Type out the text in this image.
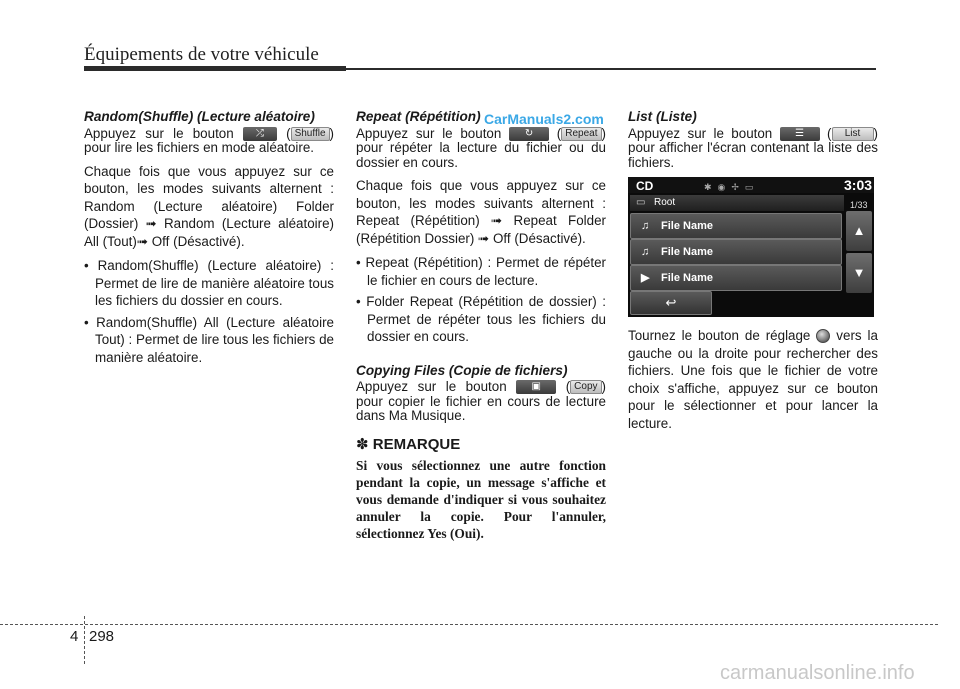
Équipements de votre véhicule
CarManuals2.com
Random(Shuffle) (Lecture aléatoire)
Appuyez sur le bouton ⤮ ( Shuffle ) pour lire les fichiers en mode aléatoire.
Chaque fois que vous appuyez sur ce bouton, les modes suivants alternent : Random (Lecture aléatoire) Folder (Dossier) ➟ Random (Lecture aléatoire) All (Tout)➟ Off (Désactivé).
• Random(Shuffle) (Lecture aléatoire) : Permet de lire de manière aléatoire tous les fichiers du dossier en cours.
• Random(Shuffle) All (Lecture aléatoire Tout) : Permet de lire tous les fichiers de manière aléatoire.
Repeat (Répétition)
Appuyez sur le bouton ↻ ( Repeat ) pour répéter la lecture du fichier ou du dossier en cours.
Chaque fois que vous appuyez sur ce bouton, les modes suivants alternent : Repeat (Répétition) ➟ Repeat Folder (Répétition Dossier) ➟ Off (Désactivé).
• Repeat (Répétition) : Permet de répéter le fichier en cours de lecture.
• Folder Repeat (Répétition de dossier) : Permet de répéter tous les fichiers du dossier en cours.
Copying Files (Copie de fichiers)
Appuyez sur le bouton ▣ ( Copy ) pour copier le fichier en cours de lecture dans Ma Musique.
✽ REMARQUE
Si vous sélectionnez une autre fonction pendant la copie, un message s'affiche et vous demande d'indiquer si vous souhaitez annuler la copie. Pour l'annuler, sélectionnez Yes (Oui).
List (Liste)
Appuyez sur le bouton ☰ ( List ) pour afficher l'écran contenant la liste des fichiers.
CD	✱◉✢▭	3:03
▭ Root	1/33
♫ File Name
♫ File Name
▶ File Name
▲
▼
↩
Tournez le bouton de réglage vers la gauche ou la droite pour rechercher des fichiers. Une fois que le fichier de votre choix s'affiche, appuyez sur ce bouton pour le sélectionner et pour lancer la lecture.
4 298
carmanualsonline.info
